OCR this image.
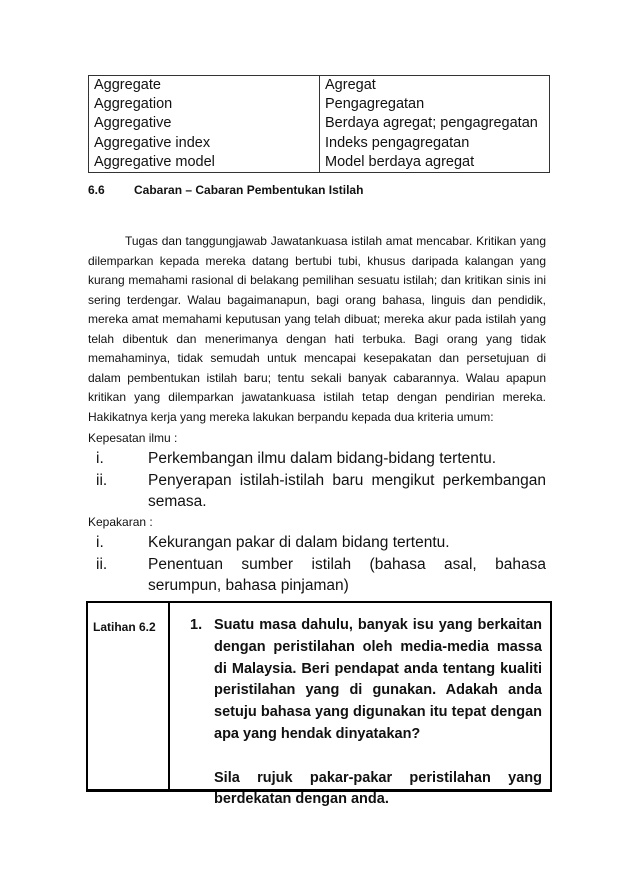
Aggregate	Agregat
Aggregation	Pengagregatan
Aggregative	Berdaya agregat; pengagregatan
Aggregative index	Indeks pengagregatan
Aggregative model	Model berdaya agregat
6.6 Cabaran – Cabaran Pembentukan Istilah

Tugas dan tanggungjawab Jawatankuasa istilah amat mencabar. Kritikan yang dilemparkan kepada mereka datang bertubi tubi, khusus daripada kalangan yang kurang memahami rasional di belakang pemilihan sesuatu istilah; dan kritikan sinis ini sering terdengar. Walau bagaimanapun, bagi orang bahasa, linguis dan pendidik, mereka amat memahami keputusan yang telah dibuat; mereka akur pada istilah yang telah dibentuk dan menerimanya dengan hati terbuka. Bagi orang yang tidak memahaminya, tidak semudah untuk mencapai kesepakatan dan persetujuan di dalam pembentukan istilah baru; tentu sekali banyak cabarannya. Walau apapun kritikan yang dilemparkan jawatankuasa istilah tetap dengan pendirian mereka. Hakikatnya kerja yang mereka lakukan berpandu kepada dua kriteria umum:

Kepesatan ilmu :
i.	Perkembangan ilmu dalam bidang-bidang tertentu.
ii.	Penyerapan istilah-istilah baru mengikut perkembangan semasa.
Kepakaran :
i.	Kekurangan pakar di dalam bidang tertentu.
ii.	Penentuan sumber istilah (bahasa asal, bahasa serumpun, bahasa pinjaman)
Latihan 6.2 1. Suatu masa dahulu, banyak isu yang berkaitan dengan peristilahan oleh media-media massa di Malaysia. Beri pendapat anda tentang kualiti peristilahan yang di gunakan. Adakah anda setuju bahasa yang digunakan itu tepat dengan apa yang hendak dinyatakan?
Sila rujuk pakar-pakar peristilahan yang berdekatan dengan anda.
